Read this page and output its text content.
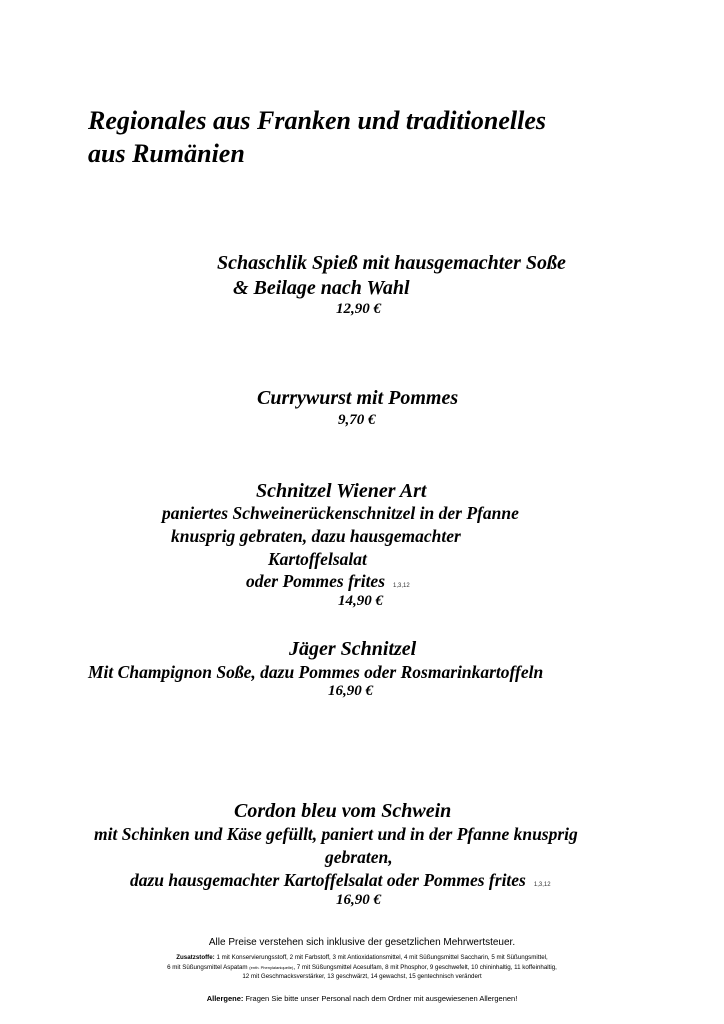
Regionales aus Franken und traditionelles
aus Rumänien
Schaschlik Spieß mit hausgemachter Soße
& Beilage nach Wahl
12,90 €
Currywurst mit Pommes
9,70 €
Schnitzel Wiener Art
paniertes Schweinerückenschnitzel in der Pfanne
knusprig gebraten, dazu hausgemachter
Kartoffelsalat
oder Pommes frites 1,3,12
14,90 €
Jäger Schnitzel
Mit Champignon Soße, dazu Pommes oder Rosmarinkartoffeln
16,90 €
Cordon bleu vom Schwein
mit Schinken und Käse gefüllt, paniert und in der Pfanne knusprig
gebraten,
dazu hausgemachter Kartoffelsalat oder Pommes frites 1,3,12
16,90 €
Alle Preise verstehen sich inklusive der gesetzlichen Mehrwertsteuer.
Zusatzstoffe: 1 mit Konservierungsstoff, 2 mit Farbstoff, 3 mit Antioxidationsmittel, 4 mit Süßungsmittel Saccharin, 5 mit Süßungsmittel,
6 mit Süßungsmittel Aspatam (enth. Phenylalaniquelle), 7 mit Süßungsmittel Acesulfam, 8 mit Phosphor, 9 geschwefelt, 10 chininhaltig, 11 koffeinhaltig,
12 mit Geschmacksverstärker, 13 geschwärzt, 14 gewachst, 15 gentechnisch verändert
Allergene: Fragen Sie bitte unser Personal nach dem Ordner mit ausgewiesenen Allergenen!
